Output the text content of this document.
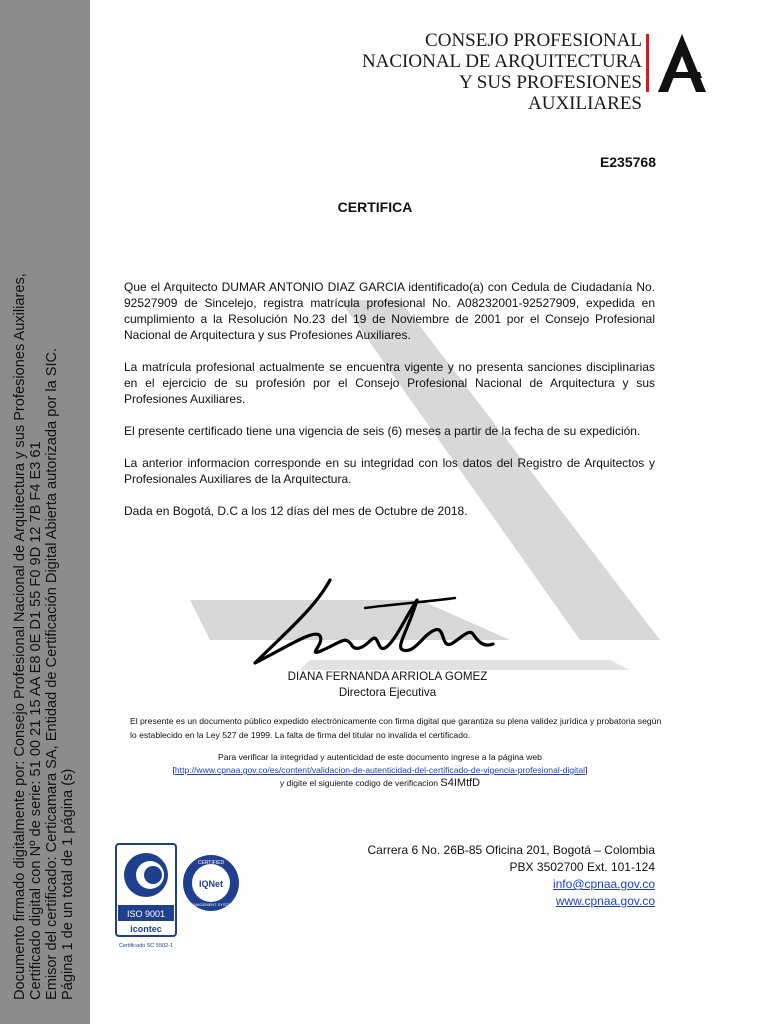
Documento firmado digitalmente por: Consejo Profesional Nacional de Arquitectura y sus Profesiones Auxiliares, Certificado digital con Nº de serie: 51 00 21 15 AA E8 0E D1 55 F0 9D 12 7B F4 E3 61 Emisor del certificado: Certicamara SA, Entidad de Certificación Digital Abierta autorizada por la SIC. Página 1 de un total de 1 página (s)
CONSEJO PROFESIONAL
NACIONAL DE ARQUITECTURA
Y SUS PROFESIONES AUXILIARES
E235768
CERTIFICA

Que el Arquitecto DUMAR ANTONIO DIAZ GARCIA identificado(a) con Cedula de Ciudadanía No. 92527909 de Sincelejo, registra matrícula profesional No. A08232001-92527909, expedida en cumplimiento a la Resolución No.23 del 19 de Noviembre de 2001 por el Consejo Profesional Nacional de Arquitectura y sus Profesiones Auxiliares.

La matrícula profesional actualmente se encuentra vigente y no presenta sanciones disciplinarias en el ejercicio de su profesión por el Consejo Profesional Nacional de Arquitectura y sus Profesiones Auxiliares.

El presente certificado tiene una vigencia de seis (6) meses a partir de la fecha de su expedición.

La anterior informacion corresponde en su integridad con los datos del Registro de Arquitectos y Profesionales Auxiliares de la Arquitectura.

Dada en Bogotá, D.C a los 12 días del mes de Octubre de 2018.

DIANA FERNANDA ARRIOLA GOMEZ
Directora Ejecutiva
El presente es un documento público expedido electrónicamente con firma digital que garantiza su plena validez jurídica y probatoria según lo establecido en la Ley 527 de 1999. La falta de firma del titular no invalida el certificado.
Para verificar la integridad y autenticidad de este documento ingrese a la página web
[http://www.cpnaa.gov.co/es/content/validacion-de-autenticidad-del-certificado-de-vigencia-profesional-digital]
y digite el siguiente codigo de verificacion S4IMtfD
Carrera 6 No. 26B-85 Oficina 201, Bogotá – Colombia
PBX 3502700 Ext. 101-124
info@cpnaa.gov.co
www.cpnaa.gov.co
ISO 9001
icontec
Certificado SC 5502-1
CERTIFIED
IQNet
MANAGEMENT SYSTEM
